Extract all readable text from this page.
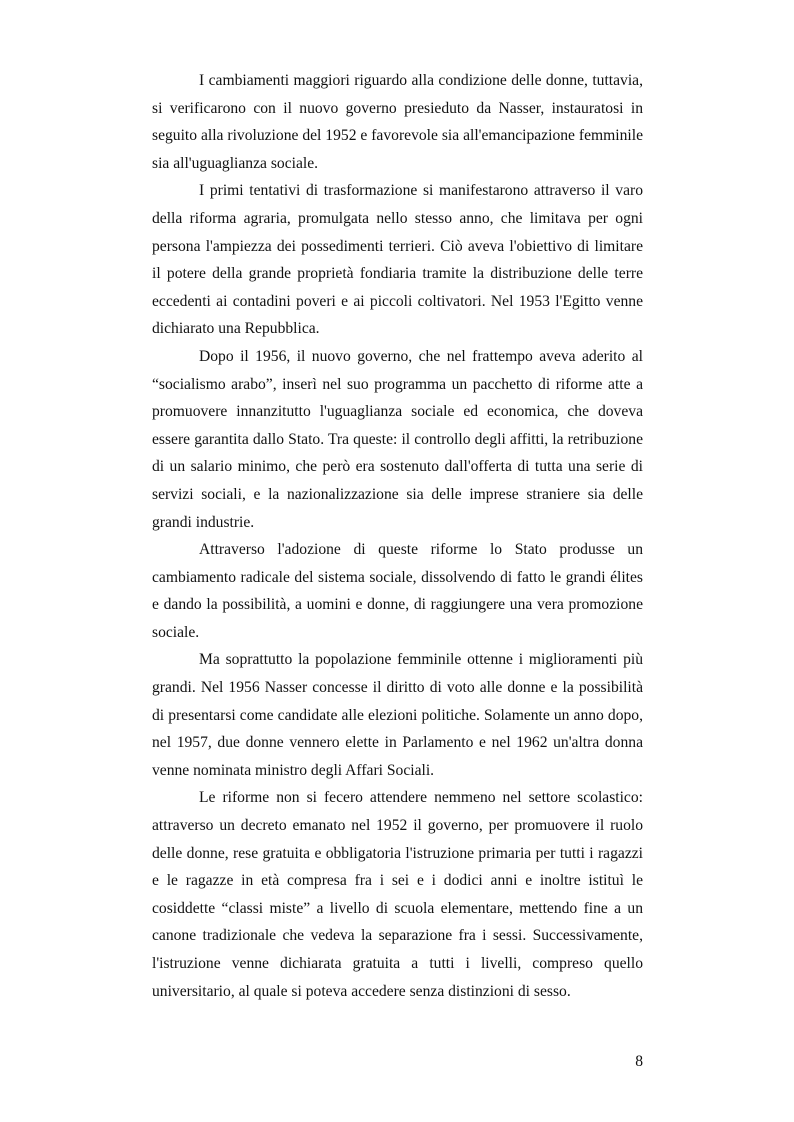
I cambiamenti maggiori riguardo alla condizione delle donne, tuttavia, si verificarono con il nuovo governo presieduto da Nasser, instauratosi in seguito alla rivoluzione del 1952 e favorevole sia all'emancipazione femminile sia all'uguaglianza sociale.

I primi tentativi di trasformazione si manifestarono attraverso il varo della riforma agraria, promulgata nello stesso anno, che limitava per ogni persona l'ampiezza dei possedimenti terrieri. Ciò aveva l'obiettivo di limitare il potere della grande proprietà fondiaria tramite la distribuzione delle terre eccedenti ai contadini poveri e ai piccoli coltivatori. Nel 1953 l'Egitto venne dichiarato una Repubblica.

Dopo il 1956, il nuovo governo, che nel frattempo aveva aderito al “socialismo arabo”, inserì nel suo programma un pacchetto di riforme atte a promuovere innanzitutto l'uguaglianza sociale ed economica, che doveva essere garantita dallo Stato. Tra queste: il controllo degli affitti, la retribuzione di un salario minimo, che però era sostenuto dall'offerta di tutta una serie di servizi sociali, e la nazionalizzazione sia delle imprese straniere sia delle grandi industrie.

Attraverso l'adozione di queste riforme lo Stato produsse un cambiamento radicale del sistema sociale, dissolvendo di fatto le grandi élites e dando la possibilità, a uomini e donne, di raggiungere una vera promozione sociale.

Ma soprattutto la popolazione femminile ottenne i miglioramenti più grandi. Nel 1956 Nasser concesse il diritto di voto alle donne e la possibilità di presentarsi come candidate alle elezioni politiche. Solamente un anno dopo, nel 1957, due donne vennero elette in Parlamento e nel 1962 un'altra donna venne nominata ministro degli Affari Sociali.

Le riforme non si fecero attendere nemmeno nel settore scolastico: attraverso un decreto emanato nel 1952 il governo, per promuovere il ruolo delle donne, rese gratuita e obbligatoria l'istruzione primaria per tutti i ragazzi e le ragazze in età compresa fra i sei e i dodici anni e inoltre istituì le cosiddette “classi miste” a livello di scuola elementare, mettendo fine a un canone tradizionale che vedeva la separazione fra i sessi. Successivamente, l'istruzione venne dichiarata gratuita a tutti i livelli, compreso quello universitario, al quale si poteva accedere senza distinzioni di sesso.

8
